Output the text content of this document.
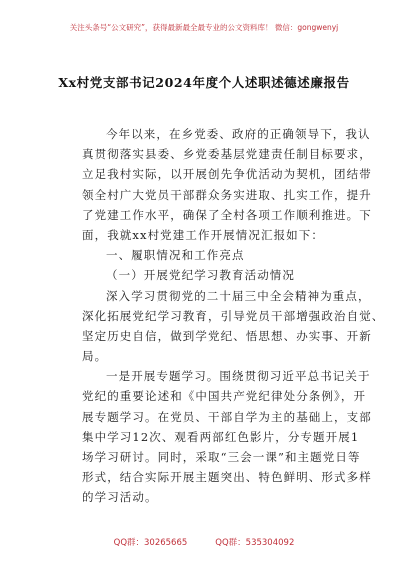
关注头条号“公文研究”，获得最新最全最专业的公文资料库！ 微信：gongwenyj
Xx村党支部书记2024年度个人述职述德述廉报告
今年以来，在乡党委、政府的正确领导下，我认
真贯彻落实县委、乡党委基层党建责任制目标要求，
立足我村实际，以开展创先争优活动为契机，团结带
领全村广大党员干部群众务实进取、扎实工作，提升
了党建工作水平，确保了全村各项工作顺利推进。下
面，我就xx村党建工作开展情况汇报如下：
一、履职情况和工作亮点
（一）开展党纪学习教育活动情况
深入学习贯彻党的二十届三中全会精神为重点，
深化拓展党纪学习教育，引导党员干部增强政治自觉、
坚定历史自信，做到学党纪、悟思想、办实事、开新
局。
一是开展专题学习。围绕贯彻习近平总书记关于
党纪的重要论述和《中国共产党纪律处分条例》，开
展专题学习。在党员、干部自学为主的基础上，支部
集中学习12次、观看两部红色影片，分专题开展1
场学习研讨。同时，采取“三会一课”和主题党日等
形式，结合实际开展主题突出、特色鲜明、形式多样
的学习活动。
QQ群：30265665	QQ群：535304092
